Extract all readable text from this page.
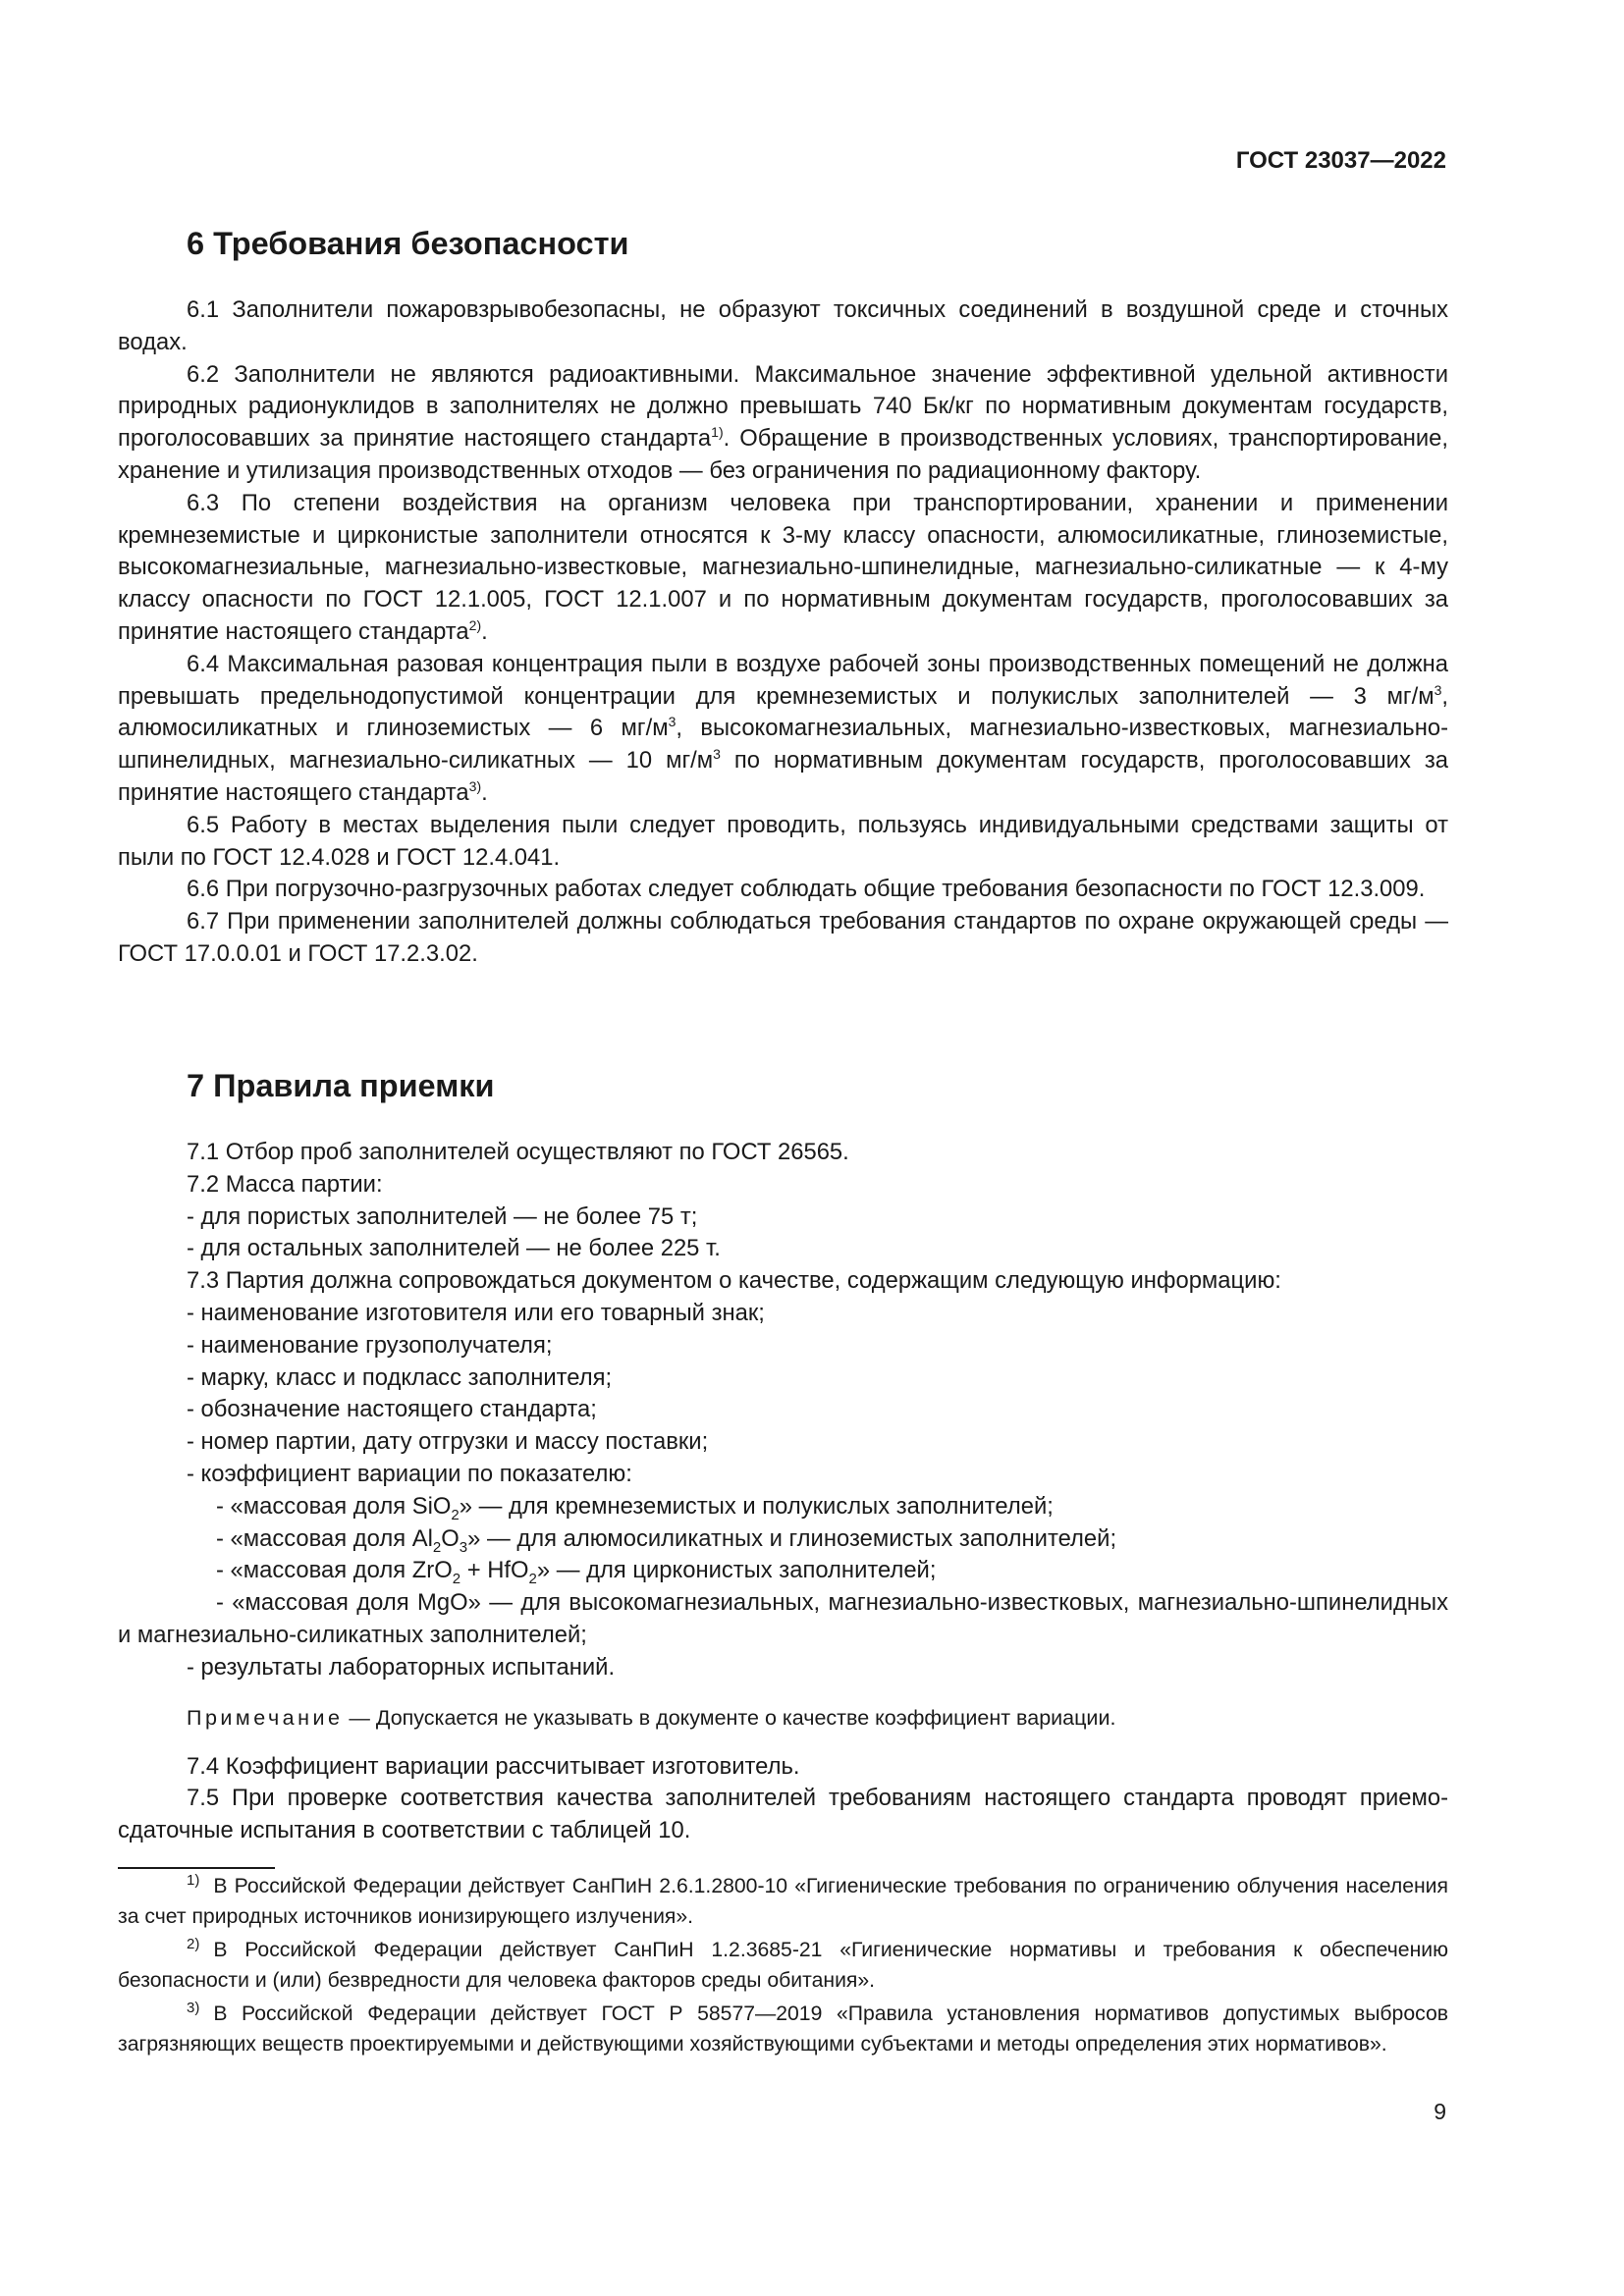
ГОСТ 23037—2022
6 Требования безопасности

6.1 Заполнители пожаровзрывобезопасны, не образуют токсичных соединений в воздушной среде и сточных водах.

6.2 Заполнители не являются радиоактивными. Максимальное значение эффективной удельной активности природных радионуклидов в заполнителях не должно превышать 740 Бк/кг по нормативным документам государств, проголосовавших за принятие настоящего стандарта$^{1)}$. Обращение в производственных условиях, транспортирование, хранение и утилизация производственных отходов — без ограничения по радиационному фактору.

6.3 По степени воздействия на организм человека при транспортировании, хранении и применении кремнеземистые и цирконистые заполнители относятся к 3-му классу опасности, алюмосиликатные, глиноземистые, высокомагнезиальные, магнезиально-известковые, магнезиально-шпинелидные, магнезиально-силикатные — к 4-му классу опасности по ГОСТ 12.1.005, ГОСТ 12.1.007 и по нормативным документам государств, проголосовавших за принятие настоящего стандарта$^{2)}$.

6.4 Максимальная разовая концентрация пыли в воздухе рабочей зоны производственных помещений не должна превышать предельнодопустимой концентрации для кремнеземистых и полукислых заполнителей — 3 $мг/м^3$, алюмосиликатных и глиноземистых — 6 $мг/м^3$, высокомагнезиальных, магнезиально-известковых, магнезиально-шпинелидных, магнезиально-силикатных — 10 $мг/м^3$ по нормативным документам государств, проголосовавших за принятие настоящего стандарта$^{3)}$.

6.5 Работу в местах выделения пыли следует проводить, пользуясь индивидуальными средствами защиты от пыли по ГОСТ 12.4.028 и ГОСТ 12.4.041.

6.6 При погрузочно-разгрузочных работах следует соблюдать общие требования безопасности по ГОСТ 12.3.009.

6.7 При применении заполнителей должны соблюдаться требования стандартов по охране окружающей среды — ГОСТ 17.0.0.01 и ГОСТ 17.2.3.02.

7 Правила приемки

7.1 Отбор проб заполнителей осуществляют по ГОСТ 26565.

7.2 Масса партии:

- для пористых заполнителей — не более 75 т;

- для остальных заполнителей — не более 225 т.

7.3 Партия должна сопровождаться документом о качестве, содержащим следующую информацию:

- наименование изготовителя или его товарный знак;

- наименование грузополучателя;

- марку, класс и подкласс заполнителя;

- обозначение настоящего стандарта;

- номер партии, дату отгрузки и массу поставки;

- коэффициент вариации по показателю:

- «массовая доля SiO$_2$» — для кремнеземистых и полукислых заполнителей;

- «массовая доля $Al_2O_3$» — для алюмосиликатных и глиноземистых заполнителей;

- «массовая доля ZrO$_2$ + HfO$_2$» — для цирконистых заполнителей;

- «массовая доля MgO» — для высокомагнезиальных, магнезиально-известковых, магнезиально-шпинелидных и магнезиально-силикатных заполнителей;

- результаты лабораторных испытаний.

Примечание — Допускается не указывать в документе о качестве коэффициент вариации.

7.4 Коэффициент вариации рассчитывает изготовитель.

7.5 При проверке соответствия качества заполнителей требованиям настоящего стандарта проводят приемо-сдаточные испытания в соответствии с таблицей 10.

$^{1)}$ В Российской Федерации действует СанПиН 2.6.1.2800-10 «Гигиенические требования по ограничению облучения населения за счет природных источников ионизирующего излучения».

$^{2)}$ В Российской Федерации действует СанПиН 1.2.3685-21 «Гигиенические нормативы и требования к обеспечению безопасности и (или) безвредности для человека факторов среды обитания».

$^{3)}$ В Российской Федерации действует ГОСТ Р 58577—2019 «Правила установления нормативов допустимых выбросов загрязняющих веществ проектируемыми и действующими хозяйствующими субъектами и методы определения этих нормативов».

9
